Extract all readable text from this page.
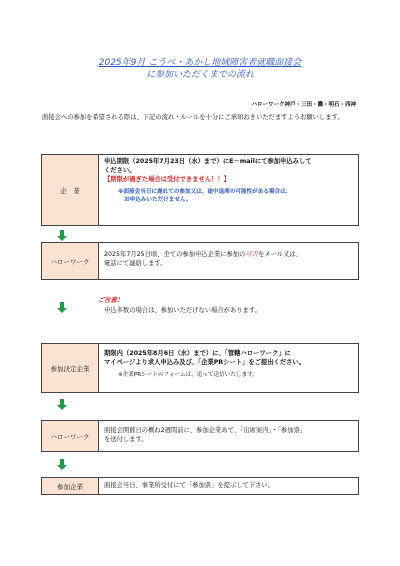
2025年9月 こうべ・あかし地域障害者就職面接会
に参加いただくまでの流れ
ハローワーク神戸・三田・灘・明石・西神
面接会への参加を希望される際は、下記の流れ・ルールを十分にご承知おきいただますようお願いします。
企　業
申込期限（2025年7月23日（水）まで）にE－mailにて参加申込みして
ください。
【期限が過ぎた場合は受付できません！！】
※面接会当日に遅れての参加又は、途中退席の可能性がある場合は、
お申込みいただけません。
ハローワーク
2025年7月25日頃、全ての参加申込企業に参加の可否をメール又は、
電話にて連絡します。
ご注意！
申込多数の場合は、参加いただけない場合があります。
参加決定企業
期限内（2025年8月6日（水）まで）に、「管轄ハローワーク」に
マイページより求人申込み及び、「企業PRシート」をご提出ください。
※企業PRシートのフォームは、追って送信いたします。
ハローワーク
面接会開催日の概ね2週間前に、参加企業あて、「出席案内」・「参加票」
を送付します。
参加企業	面接会当日、事業所受付にて「参加票」を提示して下さい。
